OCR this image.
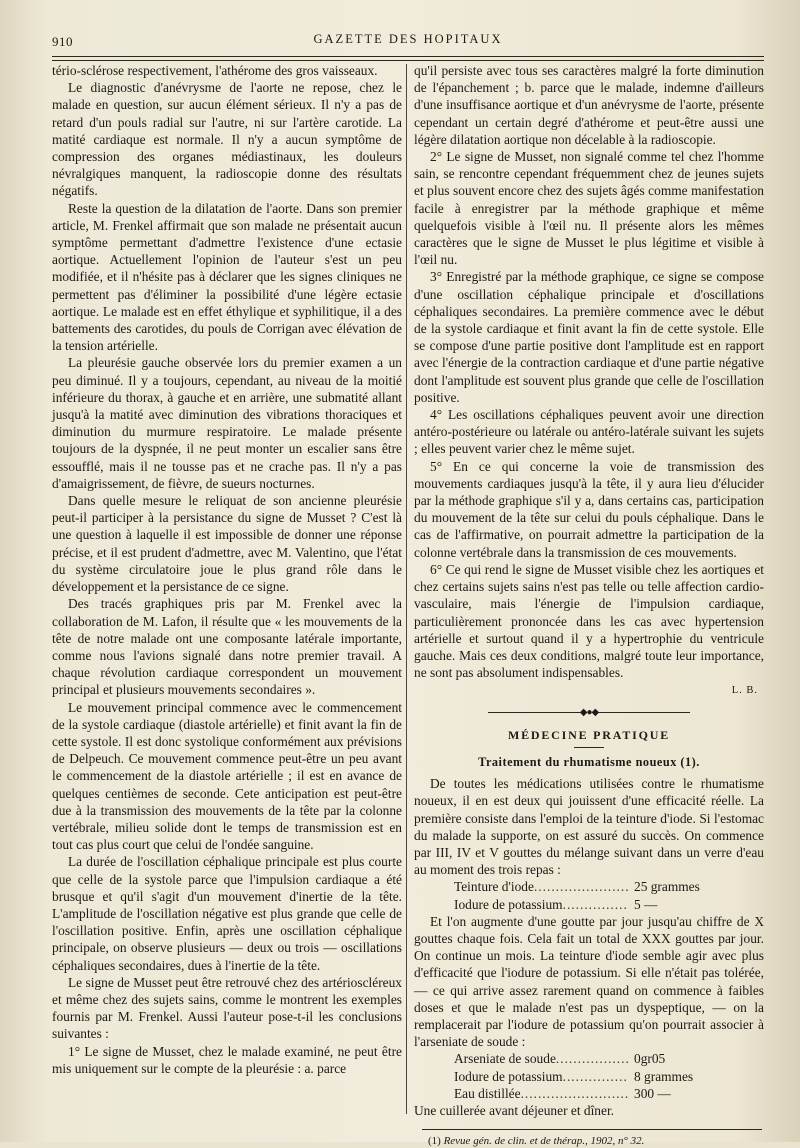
910	GAZETTE DES HOPITAUX

tério-sclérose respectivement, l'athérome des gros vaisseaux.

Le diagnostic d'anévrysme de l'aorte ne repose, chez le malade en question, sur aucun élément sérieux. Il n'y a pas de retard d'un pouls radial sur l'autre, ni sur l'artère carotide. La matité cardiaque est normale. Il n'y a aucun symptôme de compression des organes médiastinaux, les douleurs névralgiques manquent, la radioscopie donne des résultats négatifs.

Reste la question de la dilatation de l'aorte. Dans son premier article, M. Frenkel affirmait que son malade ne présentait aucun symptôme permettant d'admettre l'existence d'une ectasie aortique. Actuellement l'opinion de l'auteur s'est un peu modifiée, et il n'hésite pas à déclarer que les signes cliniques ne permettent pas d'éliminer la possibilité d'une légère ectasie aortique. Le malade est en effet éthylique et syphilitique, il a des battements des carotides, du pouls de Corrigan avec élévation de la tension artérielle.

La pleurésie gauche observée lors du premier examen a un peu diminué. Il y a toujours, cependant, au niveau de la moitié inférieure du thorax, à gauche et en arrière, une submatité allant jusqu'à la matité avec diminution des vibrations thoraciques et diminution du murmure respiratoire. Le malade présente toujours de la dyspnée, il ne peut monter un escalier sans être essoufflé, mais il ne tousse pas et ne crache pas. Il n'y a pas d'amaigrissement, de fièvre, de sueurs nocturnes.

Dans quelle mesure le reliquat de son ancienne pleurésie peut-il participer à la persistance du signe de Musset ? C'est là une question à laquelle il est impossible de donner une réponse précise, et il est prudent d'admettre, avec M. Valentino, que l'état du système circulatoire joue le plus grand rôle dans le développement et la persistance de ce signe.

Des tracés graphiques pris par M. Frenkel avec la collaboration de M. Lafon, il résulte que « les mouvements de la tête de notre malade ont une composante latérale importante, comme nous l'avions signalé dans notre premier travail. A chaque révolution cardiaque correspondent un mouvement principal et plusieurs mouvements secondaires ».

Le mouvement principal commence avec le commencement de la systole cardiaque (diastole artérielle) et finit avant la fin de cette systole. Il est donc systolique conformément aux prévisions de Delpeuch. Ce mouvement commence peut-être un peu avant le commencement de la diastole artérielle ; il est en avance de quelques centièmes de seconde. Cete anticipation est peut-être due à la transmission des mouvements de la tête par la colonne vertébrale, milieu solide dont le temps de transmission est en tout cas plus court que celui de l'ondée sanguine.

La durée de l'oscillation céphalique principale est plus courte que celle de la systole parce que l'impulsion cardiaque a été brusque et qu'il s'agit d'un mouvement d'inertie de la tête. L'amplitude de l'oscillation négative est plus grande que celle de l'oscillation positive. Enfin, après une oscillation céphalique principale, on observe plusieurs — deux ou trois — oscillations céphaliques secondaires, dues à l'inertie de la tête.

Le signe de Musset peut être retrouvé chez des artérioscléreux et même chez des sujets sains, comme le montrent les exemples fournis par M. Frenkel. Aussi l'auteur pose-t-il les conclusions suivantes :

1° Le signe de Musset, chez le malade examiné, ne peut être mis uniquement sur le compte de la pleurésie : a. parce

qu'il persiste avec tous ses caractères malgré la forte diminution de l'épanchement ; b. parce que le malade, indemne d'ailleurs d'une insuffisance aortique et d'un anévrysme de l'aorte, présente cependant un certain degré d'athérome et peut-être aussi une légère dilatation aortique non décelable à la radioscopie.

2° Le signe de Musset, non signalé comme tel chez l'homme sain, se rencontre cependant fréquemment chez de jeunes sujets et plus souvent encore chez des sujets âgés comme manifestation facile à enregistrer par la méthode graphique et même quelquefois visible à l'œil nu. Il présente alors les mêmes caractères que le signe de Musset le plus légitime et visible à l'œil nu.

3° Enregistré par la méthode graphique, ce signe se compose d'une oscillation céphalique principale et d'oscillations céphaliques secondaires. La première commence avec le début de la systole cardiaque et finit avant la fin de cette systole. Elle se compose d'une partie positive dont l'amplitude est en rapport avec l'énergie de la contraction cardiaque et d'une partie négative dont l'amplitude est souvent plus grande que celle de l'oscillation positive.

4° Les oscillations céphaliques peuvent avoir une direction antéro-postérieure ou latérale ou antéro-latérale suivant les sujets ; elles peuvent varier chez le même sujet.

5° En ce qui concerne la voie de transmission des mouvements cardiaques jusqu'à la tête, il y aura lieu d'élucider par la méthode graphique s'il y a, dans certains cas, participation du mouvement de la tête sur celui du pouls céphalique. Dans le cas de l'affirmative, on pourrait admettre la participation de la colonne vertébrale dans la transmission de ces mouvements.

6° Ce qui rend le signe de Musset visible chez les aortiques et chez certains sujets sains n'est pas telle ou telle affection cardio-vasculaire, mais l'énergie de l'impulsion cardiaque, particulièrement prononcée dans les cas avec hypertension artérielle et surtout quand il y a hypertrophie du ventricule gauche. Mais ces deux conditions, malgré toute leur importance, ne sont pas absolument indispensables.

L. B.
◆●◆
MÉDECINE PRATIQUE
Traitement du rhumatisme noueux (1).

De toutes les médications utilisées contre le rhumatisme noueux, il en est deux qui jouissent d'une efficacité réelle. La première consiste dans l'emploi de la teinture d'iode. Si l'estomac du malade la supporte, on est assuré du succès. On commence par III, IV et V gouttes du mélange suivant dans un verre d'eau au moment des trois repas :

Teinture d'iode .....	25 grammes
Iodure de potassium .....	5 —

Et l'on augmente d'une goutte par jour jusqu'au chiffre de X gouttes chaque fois. Cela fait un total de XXX gouttes par jour. On continue un mois. La teinture d'iode semble agir avec plus d'efficacité que l'iodure de potassium. Si elle n'était pas tolérée, — ce qui arrive assez rarement quand on commence à faibles doses et que le malade n'est pas un dyspeptique, — on la remplacerait par l'iodure de potassium qu'on pourrait associer à l'arseniate de soude :

Arseniate de soude .....	0gr05
Iodure de potassium .....	8 grammes
Eau distillée .....	300 —

Une cuillerée avant déjeuner et dîner.

(1) Revue gén. de clin. et de thérap., 1902, n° 32.
